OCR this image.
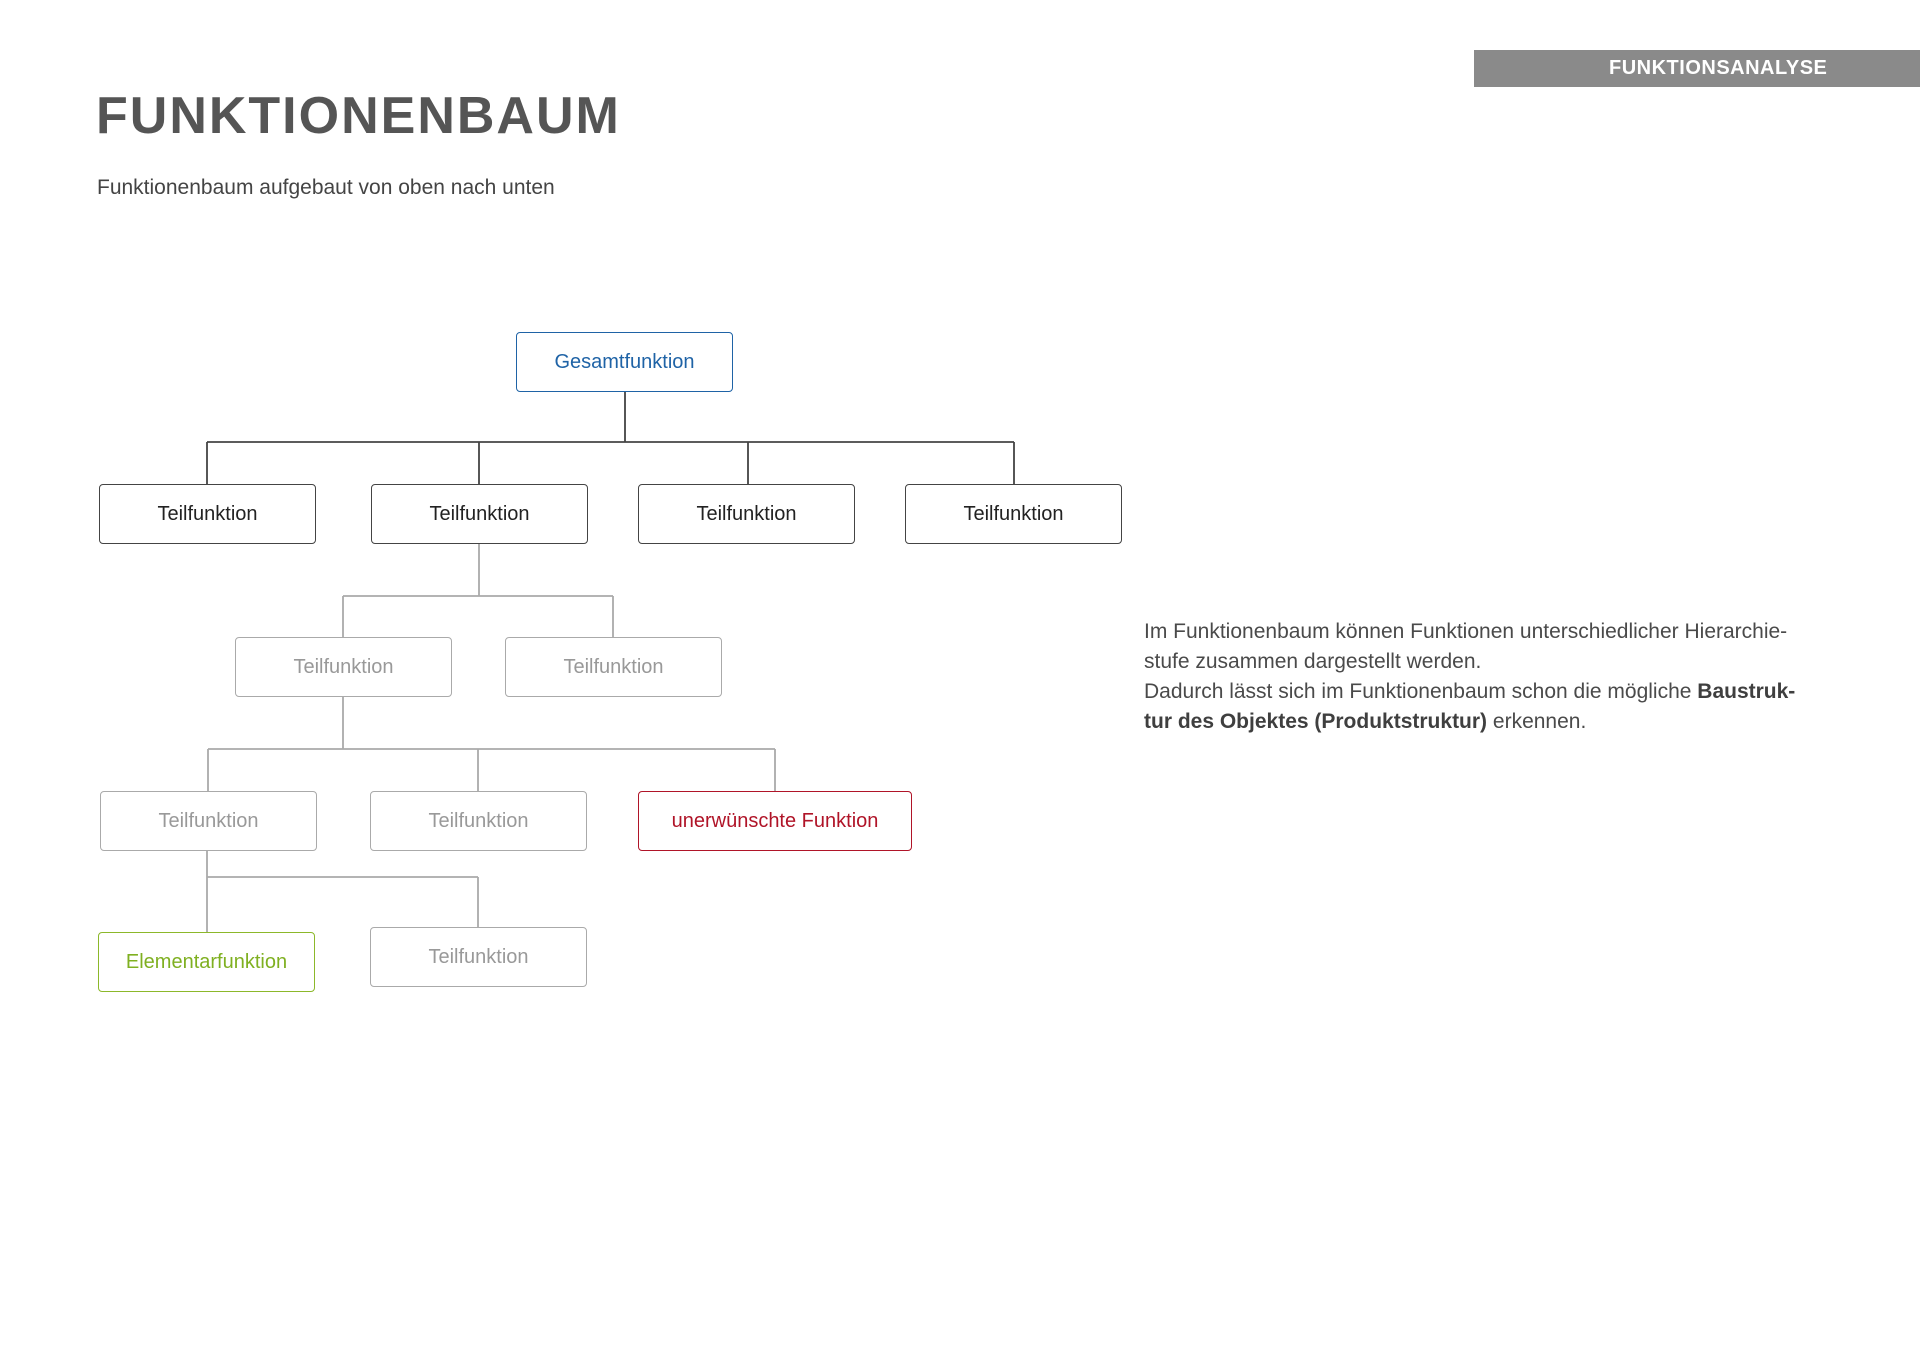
FUNKTIONSANALYSE
FUNKTIONENBAUM
Funktionenbaum aufgebaut von oben nach unten
Gesamtfunktion
Teilfunktion	Teilfunktion	Teilfunktion	Teilfunktion
Teilfunktion	Teilfunktion
Teilfunktion	Teilfunktion	unerwünschte Funktion
Elementarfunktion	Teilfunktion

Im Funktionenbaum können Funktionen unterschiedlicher Hierarchie-

stufe zusammen dargestellt werden.

Dadurch lässt sich im Funktionenbaum schon die mögliche Baustruk-

tur des Objektes (Produktstruktur) erkennen.
